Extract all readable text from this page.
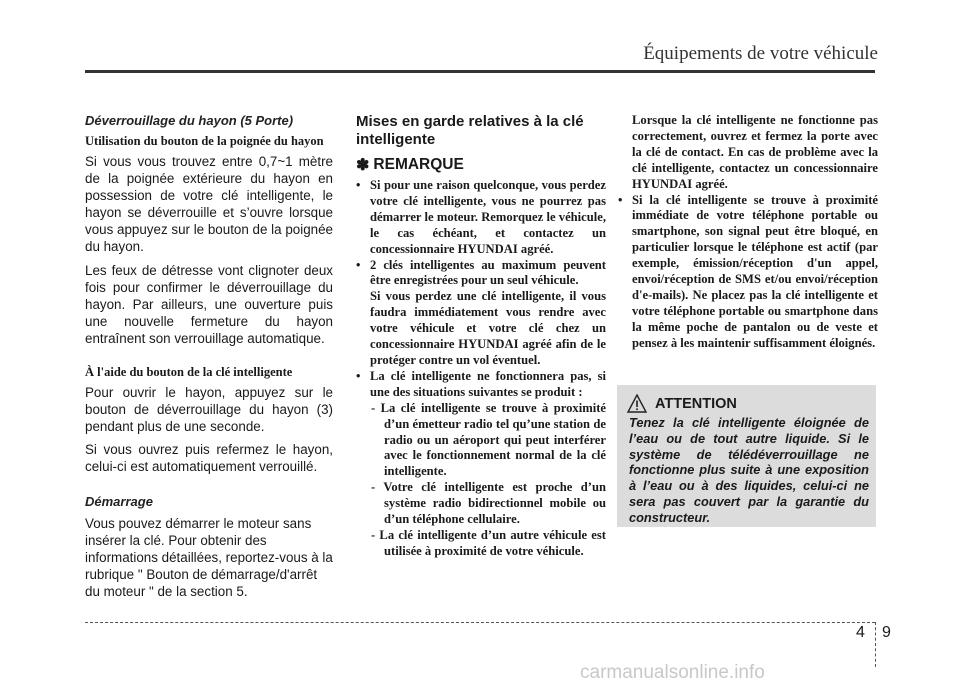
Équipements de votre véhicule

Déverrouillage du hayon (5 Porte)

Utilisation du bouton de la poignée du hayon

Si vous vous trouvez entre 0,7~1 mètre de la poignée extérieure du hayon en possession de votre clé intelligente, le hayon se déverrouille et s’ouvre lorsque vous appuyez sur le bouton de la poignée du hayon.

Les feux de détresse vont clignoter deux fois pour confirmer le déverrouillage du hayon. Par ailleurs, une ouverture puis une nouvelle fermeture du hayon entraînent son verrouillage automatique.

À l'aide du bouton de la clé intelligente

Pour ouvrir le hayon, appuyez sur le bouton de déverrouillage du hayon (3) pendant plus de une seconde.

Si vous ouvrez puis refermez le hayon, celui-ci est automatiquement verrouillé.

Démarrage

Vous pouvez démarrer le moteur sans insérer la clé. Pour obtenir des informations détaillées, reportez-vous à la rubrique " Bouton de démarrage/d'arrêt du moteur " de la section 5.

Mises en garde relatives à la clé intelligente

✽ REMARQUE

• Si pour une raison quelconque, vous perdez votre clé intelligente, vous ne pourrez pas démarrer le moteur. Remorquez le véhicule, le cas échéant, et contactez un concessionnaire HYUNDAI agréé.

• 2 clés intelligentes au maximum peuvent être enregistrées pour un seul véhicule.

Si vous perdez une clé intelligente, il vous faudra immédiatement vous rendre avec votre véhicule et votre clé chez un concessionnaire HYUNDAI agréé afin de le protéger contre un vol éventuel.

• La clé intelligente ne fonctionnera pas, si une des situations suivantes se produit :

- La clé intelligente se trouve à proximité d’un émetteur radio tel qu’une station de radio ou un aéroport qui peut interférer avec le fonctionnement normal de la clé intelligente.

- Votre clé intelligente est proche d’un système radio bidirectionnel mobile ou d’un téléphone cellulaire.

- La clé intelligente d’un autre véhicule est utilisée à proximité de votre véhicule.

Lorsque la clé intelligente ne fonctionne pas correctement, ouvrez et fermez la porte avec la clé de contact. En cas de problème avec la clé intelligente, contactez un concessionnaire HYUNDAI agréé.

• Si la clé intelligente se trouve à proximité immédiate de votre téléphone portable ou smartphone, son signal peut être bloqué, en particulier lorsque le téléphone est actif (par exemple, émission/réception d'un appel, envoi/réception de SMS et/ou envoi/réception d'e-mails). Ne placez pas la clé intelligente et votre téléphone portable ou smartphone dans la même poche de pantalon ou de veste et pensez à les maintenir suffisamment éloignés.

ATTENTION
Tenez la clé intelligente éloignée de l’eau ou de tout autre liquide. Si le système de télédéverrouillage ne fonctionne plus suite à une exposition à l’eau ou à des liquides, celui-ci ne sera pas couvert par la garantie du constructeur.
4 9
carmanualsonline.info
